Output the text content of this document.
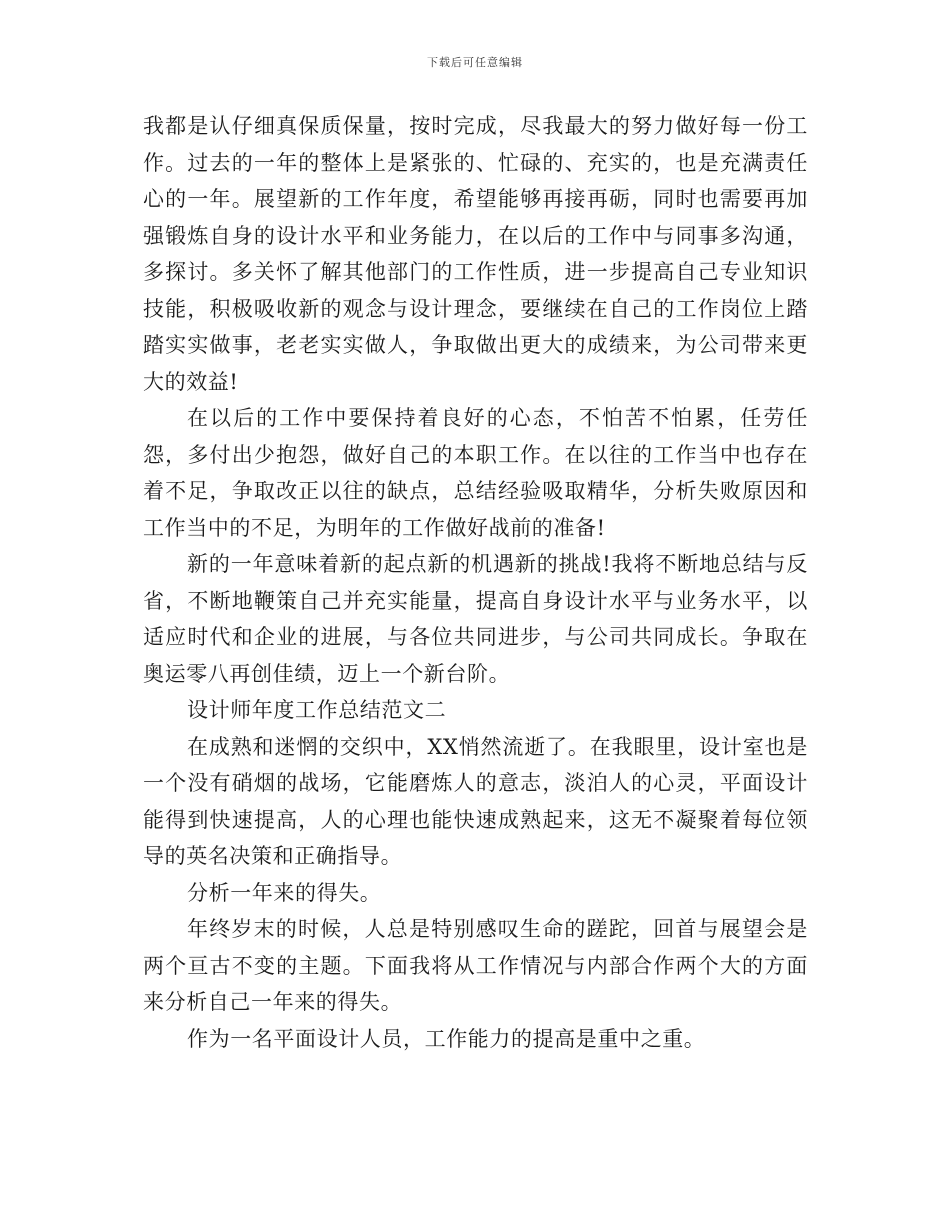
下载后可任意编辑

我都是认仔细真保质保量，按时完成，尽我最大的努力做好每一份工作。过去的一年的整体上是紧张的、忙碌的、充实的，也是充满责任心的一年。展望新的工作年度，希望能够再接再砺，同时也需要再加强锻炼自身的设计水平和业务能力，在以后的工作中与同事多沟通，多探讨。多关怀了解其他部门的工作性质，进一步提高自己专业知识技能，积极吸收新的观念与设计理念，要继续在自己的工作岗位上踏踏实实做事，老老实实做人，争取做出更大的成绩来，为公司带来更大的效益!

在以后的工作中要保持着良好的心态，不怕苦不怕累，任劳任怨，多付出少抱怨，做好自己的本职工作。在以往的工作当中也存在着不足，争取改正以往的缺点，总结经验吸取精华，分析失败原因和工作当中的不足，为明年的工作做好战前的准备!

新的一年意味着新的起点新的机遇新的挑战!我将不断地总结与反省，不断地鞭策自己并充实能量，提高自身设计水平与业务水平，以适应时代和企业的进展，与各位共同进步，与公司共同成长。争取在奥运零八再创佳绩，迈上一个新台阶。

设计师年度工作总结范文二

在成熟和迷惘的交织中，XX悄然流逝了。在我眼里，设计室也是一个没有硝烟的战场，它能磨炼人的意志，淡泊人的心灵，平面设计能得到快速提高，人的心理也能快速成熟起来，这无不凝聚着每位领导的英名决策和正确指导。

分析一年来的得失。

年终岁末的时候，人总是特别感叹生命的蹉跎，回首与展望会是两个亘古不变的主题。下面我将从工作情况与内部合作两个大的方面来分析自己一年来的得失。

作为一名平面设计人员，工作能力的提高是重中之重。
